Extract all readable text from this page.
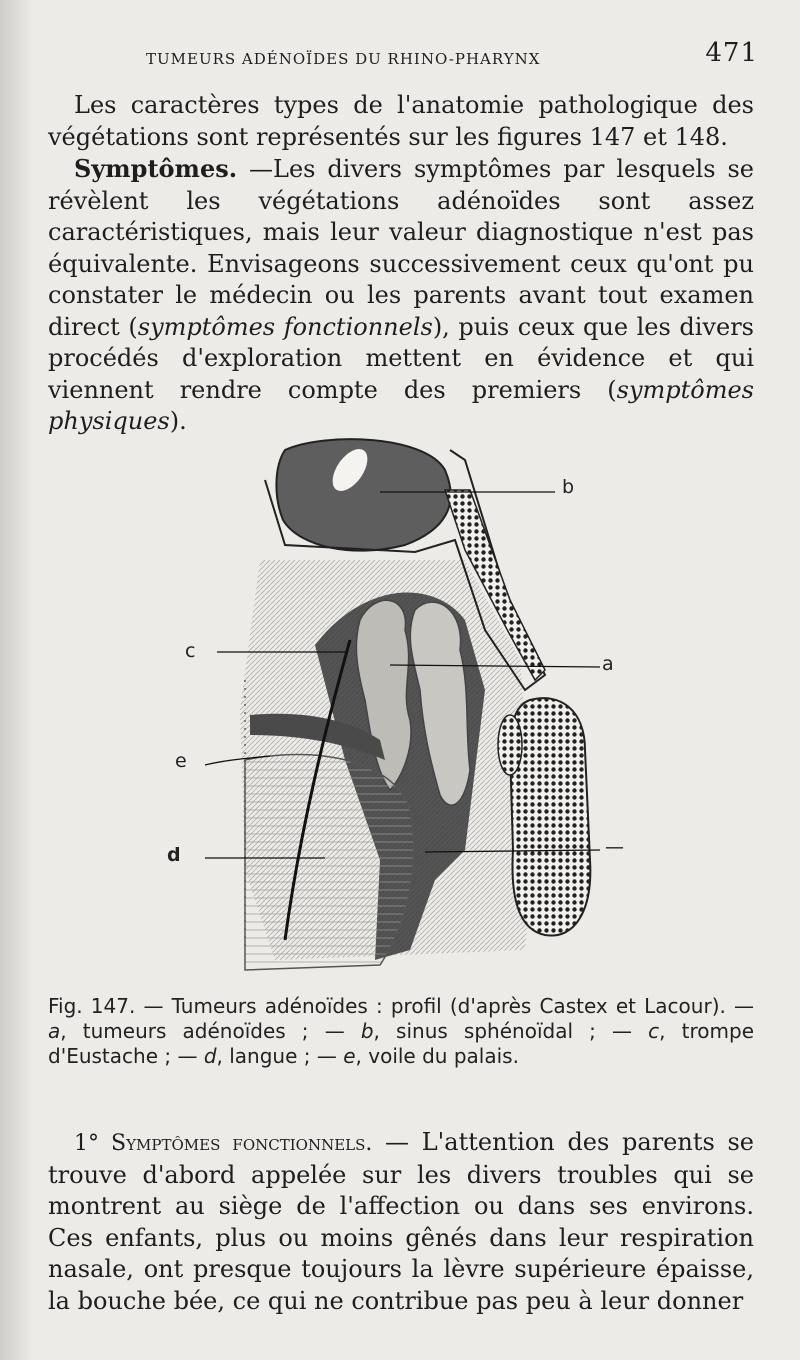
TUMEURS ADÉNOÏDES DU RHINO-PHARYNX	471

Les caractères types de l'anatomie pathologique des végétations sont représentés sur les figures 147 et 148.

Symptômes. —Les divers symptômes par lesquels se révèlent les végétations adénoïdes sont assez caractéristiques, mais leur valeur diagnostique n'est pas équivalente. Envisageons successivement ceux qu'ont pu constater le médecin ou les parents avant tout examen direct (symptômes fonctionnels), puis ceux que les divers procédés d'exploration mettent en évidence et qui viennent rendre compte des premiers (symptômes physiques).

b
a
c
e
d	—

Fig. 147. — Tumeurs adénoïdes : profil (d'après Castex et Lacour). — a, tumeurs adénoïdes ; — b, sinus sphénoïdal ; — c, trompe d'Eustache ; — d, langue ; — e, voile du palais.

1° Symptômes fonctionnels. — L'attention des parents se trouve d'abord appelée sur les divers troubles qui se montrent au siège de l'affection ou dans ses environs. Ces enfants, plus ou moins gênés dans leur respiration nasale, ont presque toujours la lèvre supérieure épaisse, la bouche bée, ce qui ne contribue pas peu à leur donner
